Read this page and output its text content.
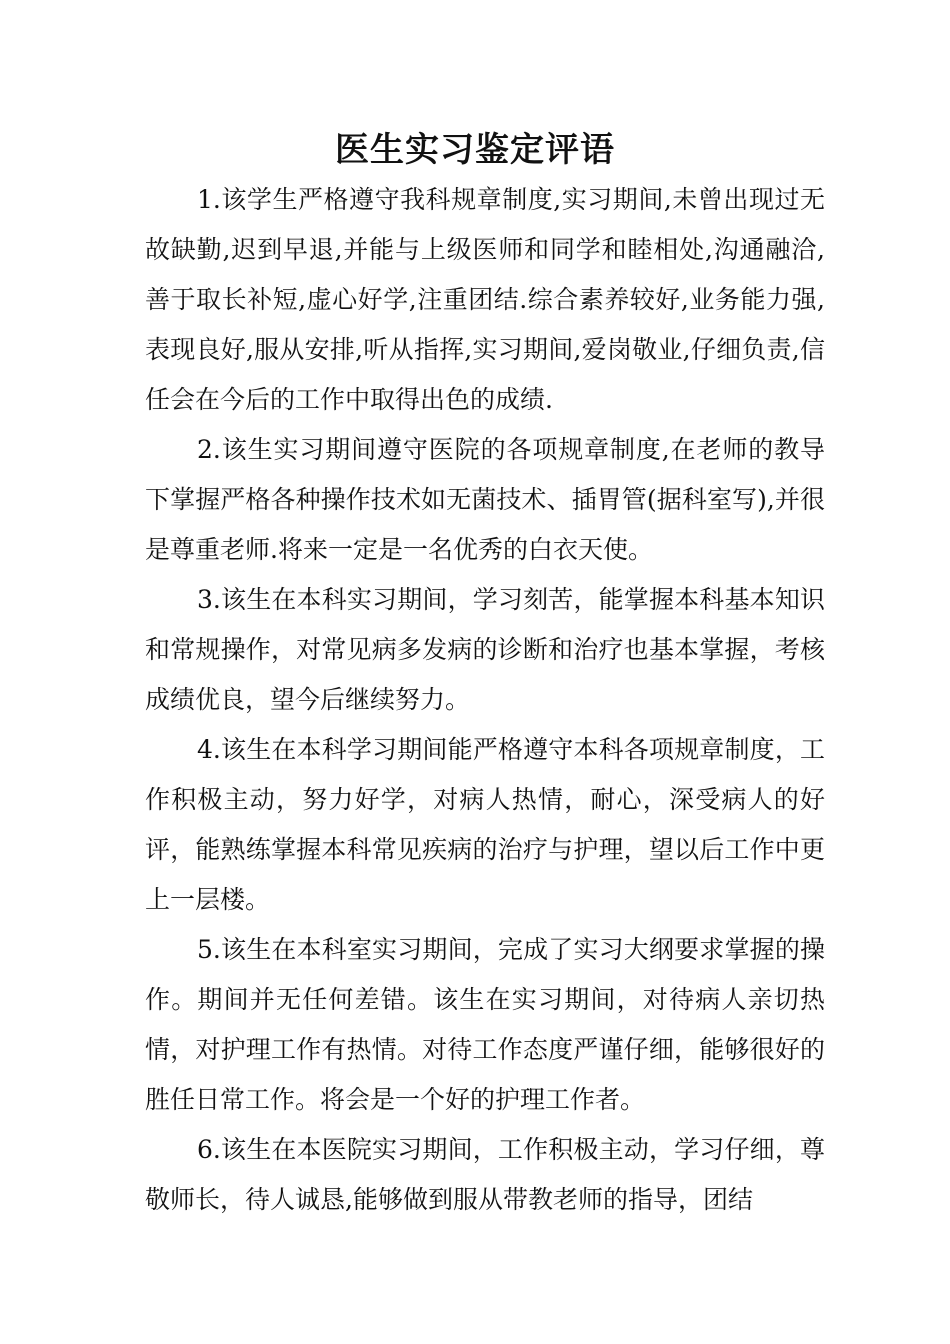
医生实习鉴定评语

1.该学生严格遵守我科规章制度,实习期间,未曾出现过无故缺勤,迟到早退,并能与上级医师和同学和睦相处,沟通融洽,善于取长补短,虚心好学,注重团结.综合素养较好,业务能力强,表现良好,服从安排,听从指挥,实习期间,爱岗敬业,仔细负责,信任会在今后的工作中取得出色的成绩.

2.该生实习期间遵守医院的各项规章制度,在老师的教导下掌握严格各种操作技术如无菌技术、插胃管(据科室写),并很是尊重老师.将来一定是一名优秀的白衣天使。

3.该生在本科实习期间，学习刻苦，能掌握本科基本知识和常规操作，对常见病多发病的诊断和治疗也基本掌握，考核成绩优良，望今后继续努力。

4.该生在本科学习期间能严格遵守本科各项规章制度，工作积极主动，努力好学，对病人热情，耐心，深受病人的好评，能熟练掌握本科常见疾病的治疗与护理，望以后工作中更上一层楼。

5.该生在本科室实习期间，完成了实习大纲要求掌握的操作。期间并无任何差错。该生在实习期间，对待病人亲切热情，对护理工作有热情。对待工作态度严谨仔细，能够很好的胜任日常工作。将会是一个好的护理工作者。

6.该生在本医院实习期间，工作积极主动，学习仔细，尊敬师长，待人诚恳,能够做到服从带教老师的指导，团结
